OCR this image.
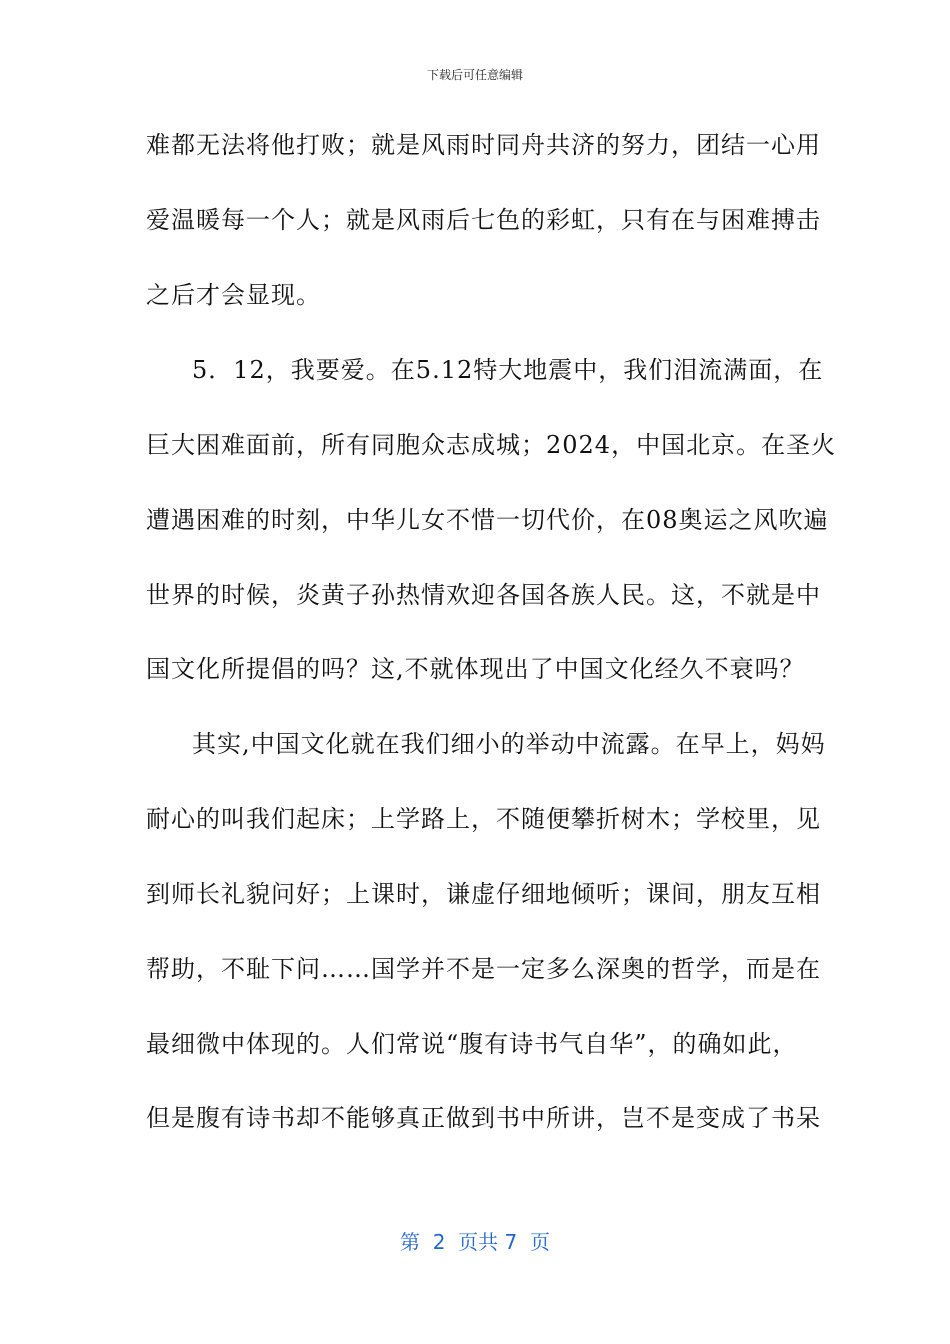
下载后可任意编辑
难都无法将他打败；就是风雨时同舟共济的努力，团结一心用
爱温暖每一个人；就是风雨后七色的彩虹，只有在与困难搏击
之后才会显现。
5．12，我要爱。在5.12特大地震中，我们泪流满面，在
巨大困难面前，所有同胞众志成城；2024，中国北京。在圣火
遭遇困难的时刻，中华儿女不惜一切代价，在08奥运之风吹遍
世界的时候，炎黄子孙热情欢迎各国各族人民。这，不就是中
国文化所提倡的吗？这,不就体现出了中国文化经久不衰吗？
其实,中国文化就在我们细小的举动中流露。在早上，妈妈
耐心的叫我们起床；上学路上，不随便攀折树木；学校里，见
到师长礼貌问好；上课时，谦虚仔细地倾听；课间，朋友互相
帮助，不耻下问……国学并不是一定多么深奥的哲学，而是在
最细微中体现的。人们常说“腹有诗书气自华”，的确如此，
但是腹有诗书却不能够真正做到书中所讲，岂不是变成了书呆
第  2  页共 7  页
